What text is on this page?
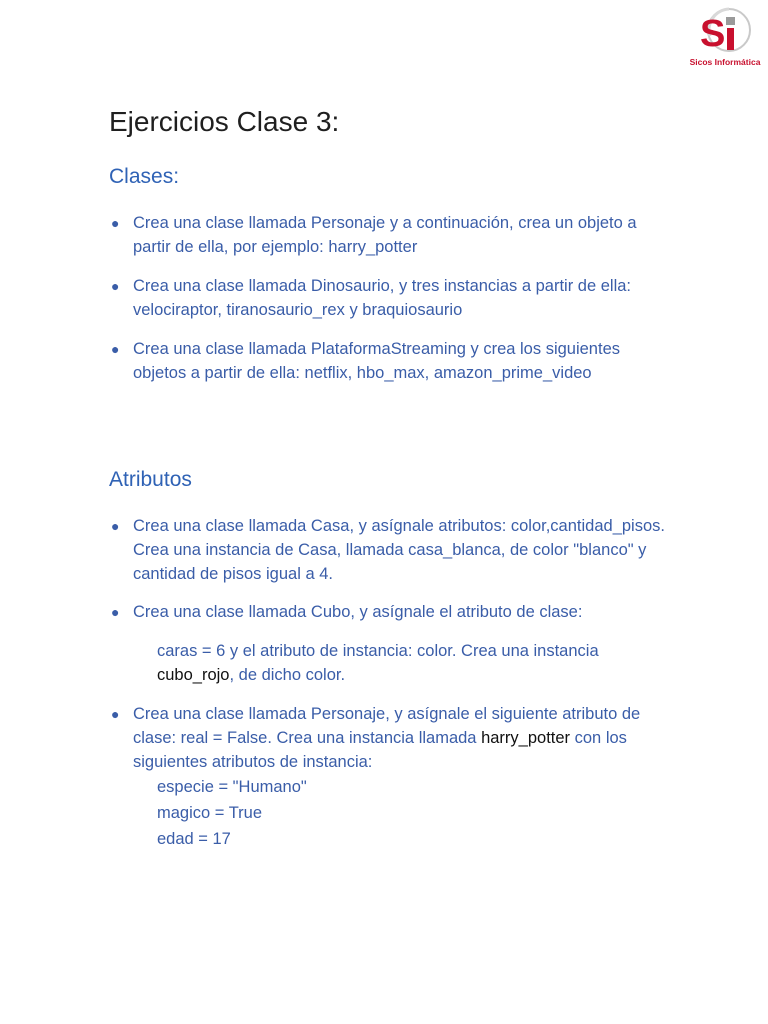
S
Sicos Informática
Ejercicios Clase 3:
Clases:
● Crea una clase llamada Personaje y a continuación, crea un objeto a partir de ella, por ejemplo: harry_potter
● Crea una clase llamada Dinosaurio, y tres instancias a partir de ella: velociraptor, tiranosaurio_rex y braquiosaurio
● Crea una clase llamada PlataformaStreaming y crea los siguientes objetos a partir de ella: netflix, hbo_max, amazon_prime_video
Atributos
● Crea una clase llamada Casa, y asígnale atributos: color,cantidad_pisos. Crea una instancia de Casa, llamada casa_blanca, de color "blanco" y cantidad de pisos igual a 4.
● Crea una clase llamada Cubo, y asígnale el atributo de clase:
caras = 6 y el atributo de instancia: color. Crea una instancia
cubo_rojo, de dicho color.
● Crea una clase llamada Personaje, y asígnale el siguiente atributo de clase: real = False. Crea una instancia llamada harry_potter con los siguientes atributos de instancia:
especie = "Humano"
magico = True
edad = 17
